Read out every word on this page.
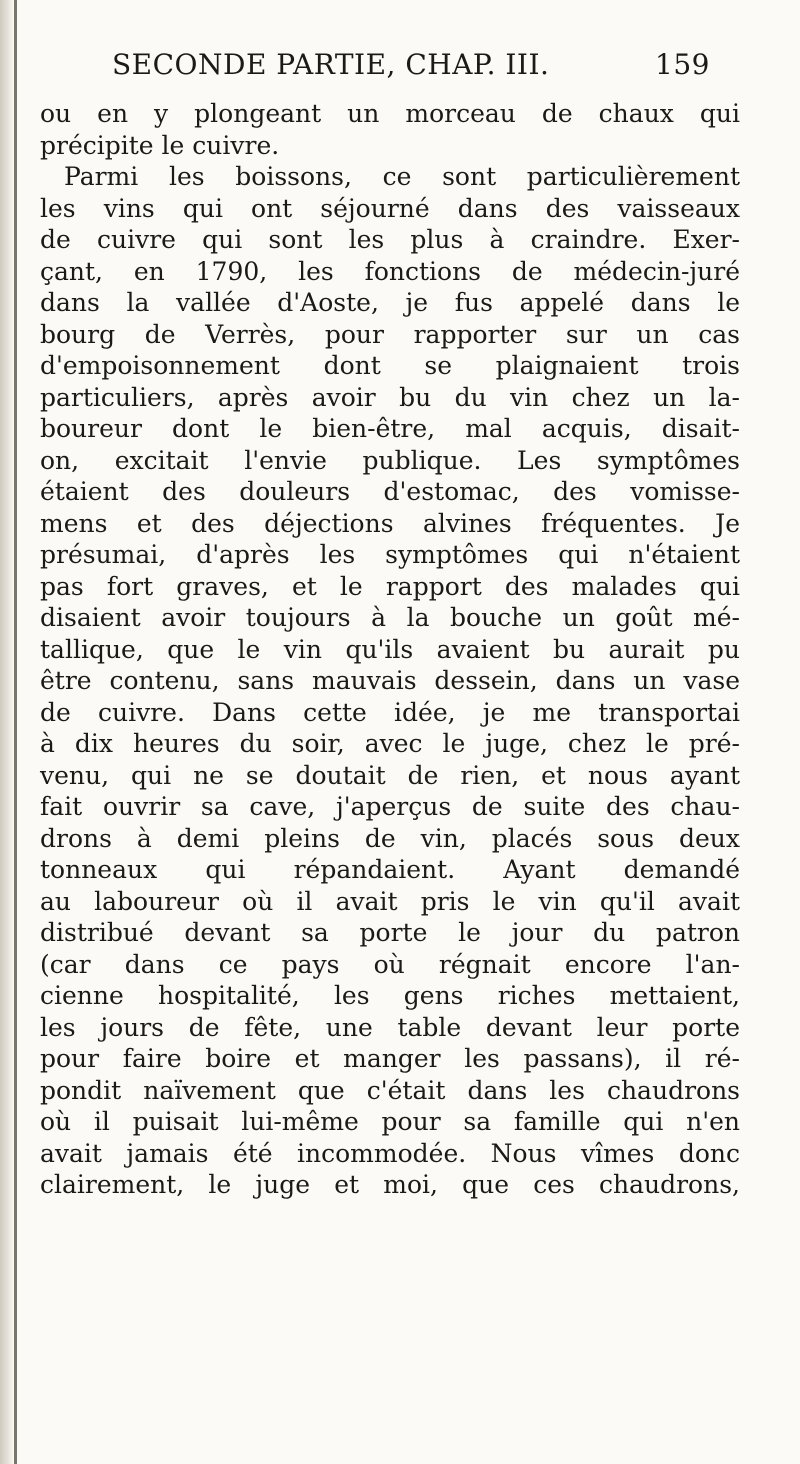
SECONDE PARTIE, CHAP. III.	159
ou en y plongeant un morceau de chaux qui
précipite le cuivre.
Parmi les boissons, ce sont particulièrement
les vins qui ont séjourné dans des vaisseaux
de cuivre qui sont les plus à craindre. Exer-
çant, en 1790, les fonctions de médecin-juré
dans la vallée d'Aoste, je fus appelé dans le
bourg de Verrès, pour rapporter sur un cas
d'empoisonnement dont se plaignaient trois
particuliers, après avoir bu du vin chez un la-
boureur dont le bien-être, mal acquis, disait-
on, excitait l'envie publique. Les symptômes
étaient des douleurs d'estomac, des vomisse-
mens et des déjections alvines fréquentes. Je
présumai, d'après les symptômes qui n'étaient
pas fort graves, et le rapport des malades qui
disaient avoir toujours à la bouche un goût mé-
tallique, que le vin qu'ils avaient bu aurait pu
être contenu, sans mauvais dessein, dans un vase
de cuivre. Dans cette idée, je me transportai
à dix heures du soir, avec le juge, chez le pré-
venu, qui ne se doutait de rien, et nous ayant
fait ouvrir sa cave, j'aperçus de suite des chau-
drons à demi pleins de vin, placés sous deux
tonneaux qui répandaient. Ayant demandé
au laboureur où il avait pris le vin qu'il avait
distribué devant sa porte le jour du patron
(car dans ce pays où régnait encore l'an-
cienne hospitalité, les gens riches mettaient,
les jours de fête, une table devant leur porte
pour faire boire et manger les passans), il ré-
pondit naïvement que c'était dans les chaudrons
où il puisait lui-même pour sa famille qui n'en
avait jamais été incommodée. Nous vîmes donc
clairement, le juge et moi, que ces chaudrons,
